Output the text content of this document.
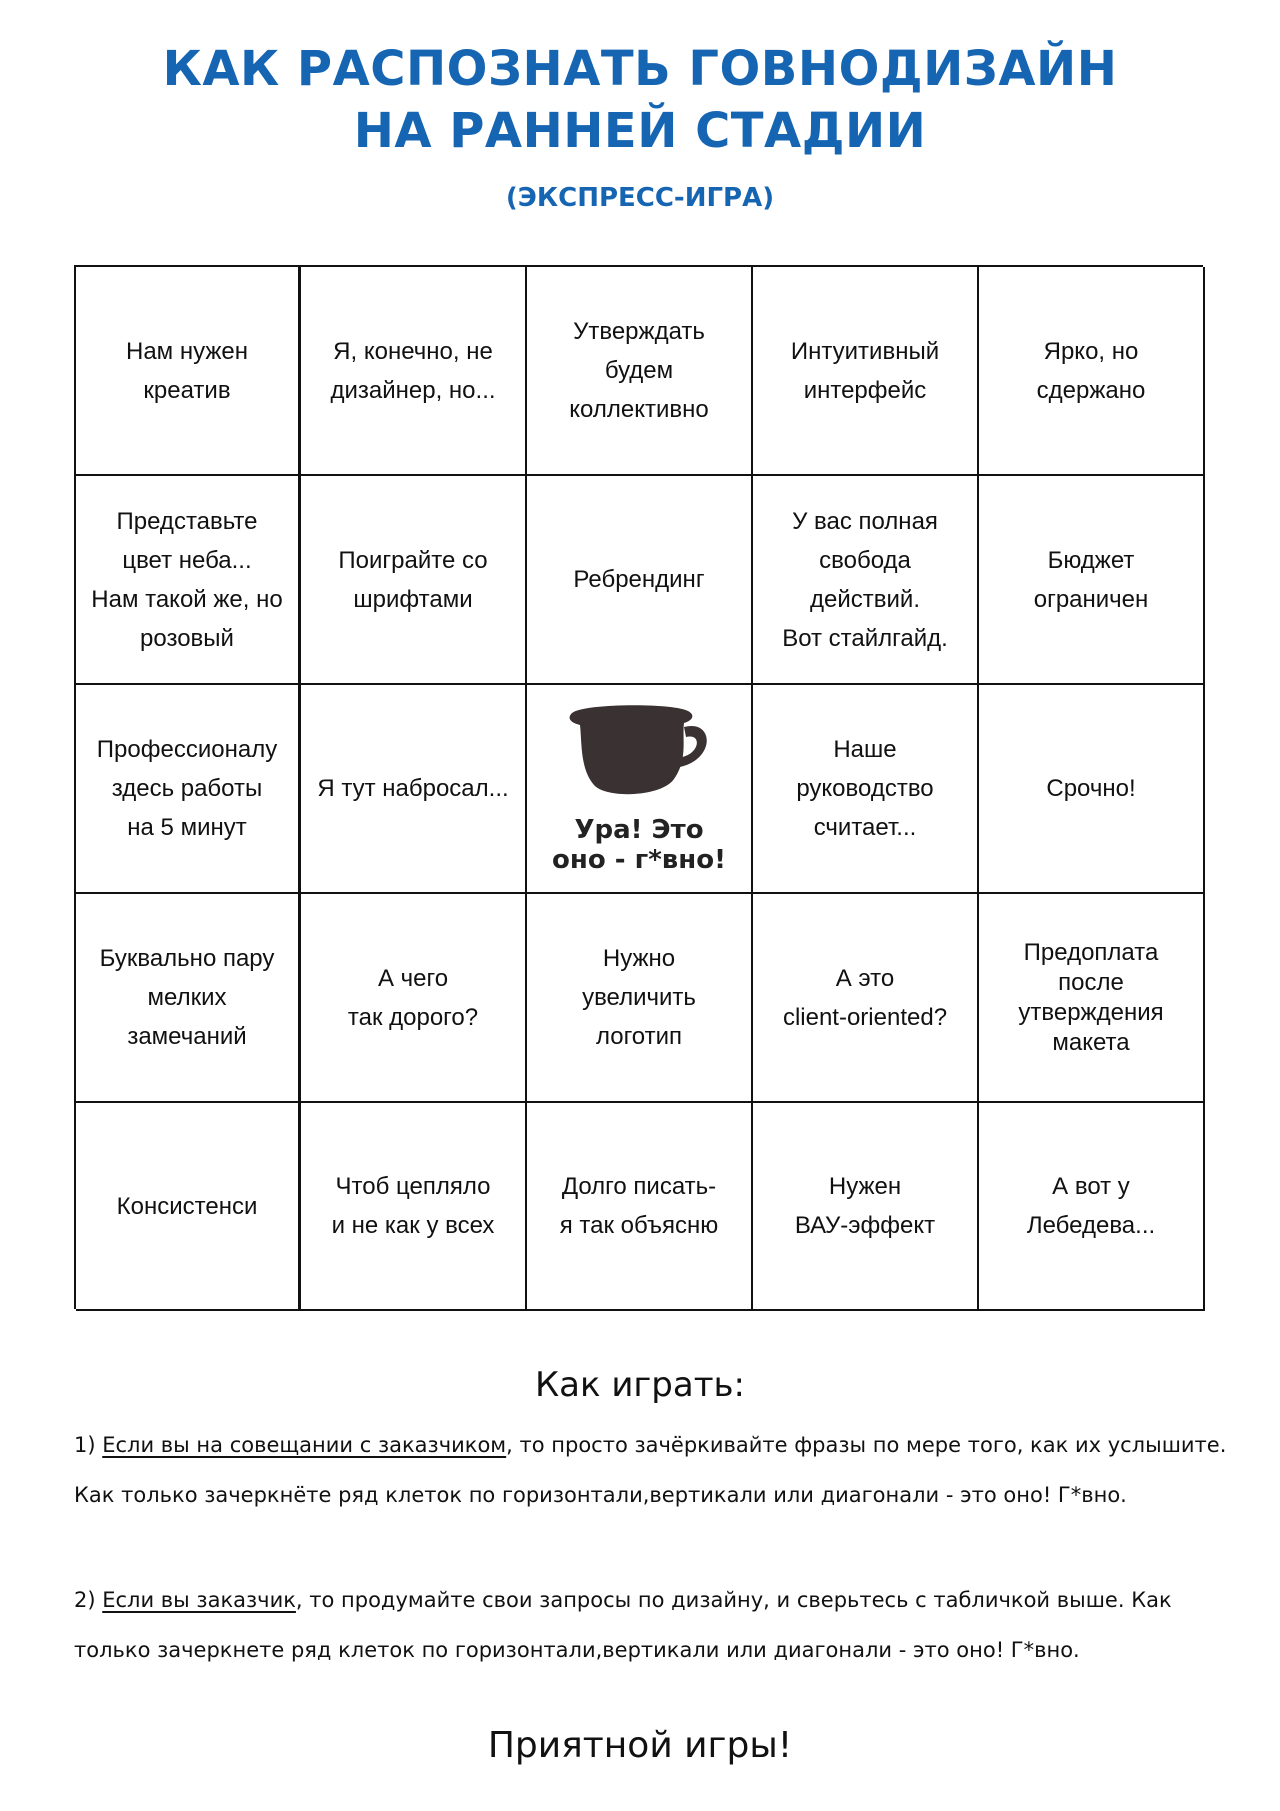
КАК РАСПОЗНАТЬ ГОВНОДИЗАЙН
НА РАННЕЙ СТАДИИ
(ЭКСПРЕСС-ИГРА)
Нам нужен
креатив
Я, конечно, не
дизайнер, но...
Утверждать
будем
коллективно
Интуитивный
интерфейс
Ярко, но
сдержано
Представьте
цвет неба...
Нам такой же, но
розовый
Поиграйте со
шрифтами
Ребрендинг
У вас полная
свобода
действий.
Вот стайлгайд.
Бюджет
ограничен
Профессионалу
здесь работы
на 5 минут
Я тут набросал...
Ура! Это
оно - г*вно!
Наше
руководство
считает...
Срочно!
Буквально пару
мелких
замечаний
А чего
так дорого?
Нужно
увеличить
логотип
А это
client-oriented?
Предоплата
после
утверждения
макета
Консистенси
Чтоб цепляло
и не как у всех
Долго писать-
я так объясню
Нужен
ВАУ-эффект
А вот у
Лебедева...
Как играть:
1) Если вы на совещании с заказчиком, то просто зачёркивайте фразы по мере того, как их услышите. Как только зачеркнёте ряд клеток по горизонтали,вертикали или диагонали - это оно! Г*вно.
2) Если вы заказчик, то продумайте свои запросы по дизайну, и сверьтесь с табличкой выше. Как только зачеркнете ряд клеток по горизонтали,вертикали или диагонали - это оно! Г*вно.
Приятной игры!
